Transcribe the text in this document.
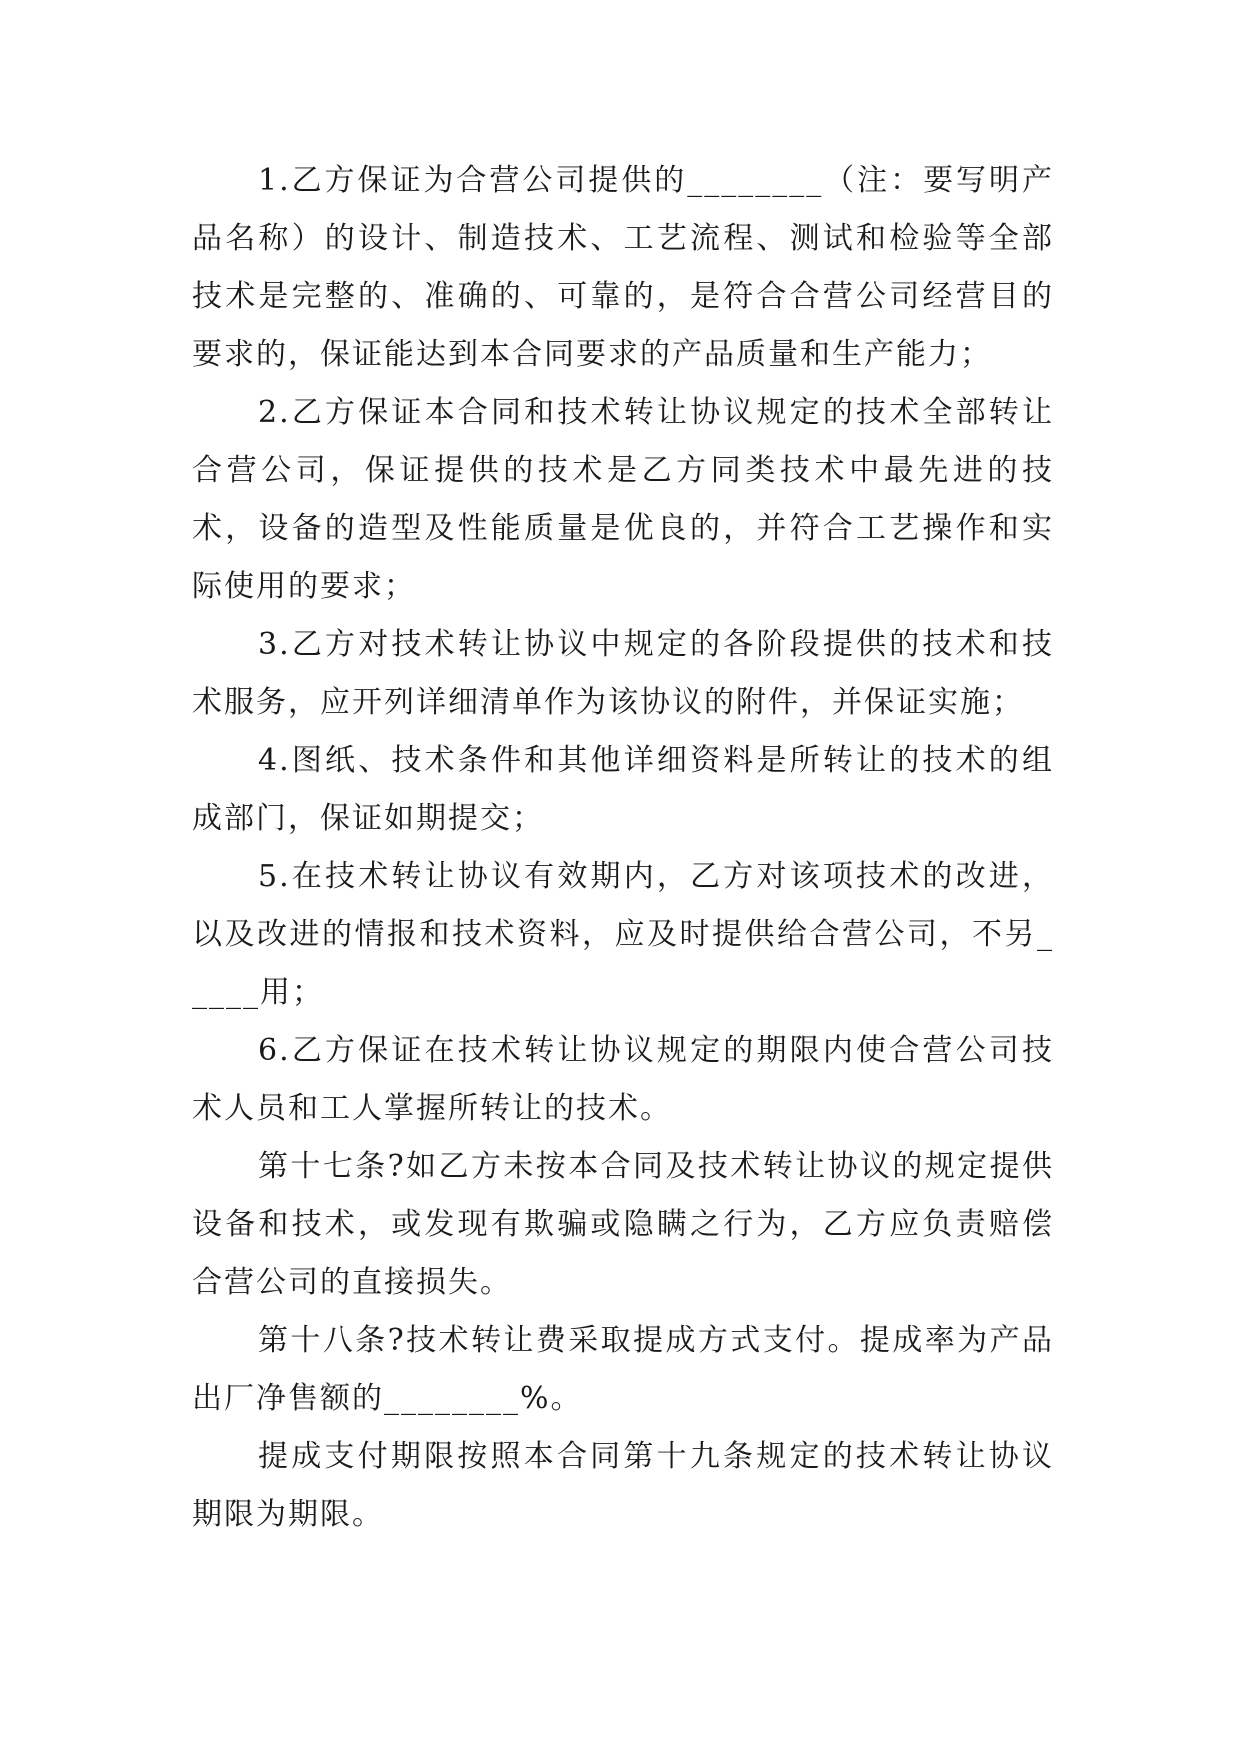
1.乙方保证为合营公司提供的________（注：要写明产品名称）的设计、制造技术、工艺流程、测试和检验等全部技术是完整的、准确的、可靠的，是符合合营公司经营目的要求的，保证能达到本合同要求的产品质量和生产能力；

2.乙方保证本合同和技术转让协议规定的技术全部转让合营公司，保证提供的技术是乙方同类技术中最先进的技术，设备的造型及性能质量是优良的，并符合工艺操作和实际使用的要求；

3.乙方对技术转让协议中规定的各阶段提供的技术和技术服务，应开列详细清单作为该协议的附件，并保证实施；

4.图纸、技术条件和其他详细资料是所转让的技术的组成部门，保证如期提交；

5.在技术转让协议有效期内，乙方对该项技术的改进，以及改进的情报和技术资料，应及时提供给合营公司，不另_____用；

6.乙方保证在技术转让协议规定的期限内使合营公司技术人员和工人掌握所转让的技术。

第十七条?如乙方未按本合同及技术转让协议的规定提供设备和技术，或发现有欺骗或隐瞒之行为，乙方应负责赔偿合营公司的直接损失。

第十八条?技术转让费采取提成方式支付。提成率为产品出厂净售额的________%。

提成支付期限按照本合同第十九条规定的技术转让协议期限为期限。
